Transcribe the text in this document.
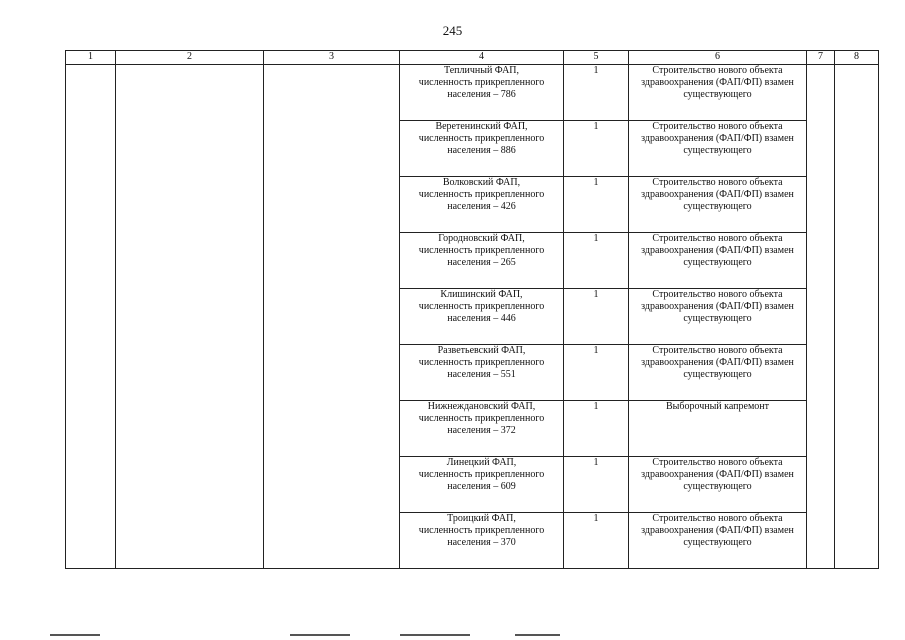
245
1	2	3	4	5	6	7	8

			Тепличный ФАП,
численность прикрепленного
населения – 786	1	Строительство нового объекта здравоохранения (ФАП/ФП) взамен существующего		

			Веретенинский ФАП,
численность прикрепленного
населения – 886	1	Строительство нового объекта здравоохранения (ФАП/ФП) взамен существующего		

			Волковский ФАП,
численность прикрепленного
населения – 426	1	Строительство нового объекта здравоохранения (ФАП/ФП) взамен существующего		

			Городновский ФАП,
численность прикрепленного
населения – 265	1	Строительство нового объекта здравоохранения (ФАП/ФП) взамен существующего		

			Клишинский ФАП,
численность прикрепленного
населения – 446	1	Строительство нового объекта здравоохранения (ФАП/ФП) взамен существующего		

			Разветьевский ФАП,
численность прикрепленного
населения – 551	1	Строительство нового объекта здравоохранения (ФАП/ФП) взамен существующего		

			Нижнеждановский ФАП,
численность прикрепленного
населения – 372	1	Выборочный капремонт		

			Линецкий ФАП,
численность прикрепленного
населения – 609	1	Строительство нового объекта здравоохранения (ФАП/ФП) взамен существующего		

			Троицкий ФАП,
численность прикрепленного
населения – 370	1	Строительство нового объекта здравоохранения (ФАП/ФП) взамен существующего		
